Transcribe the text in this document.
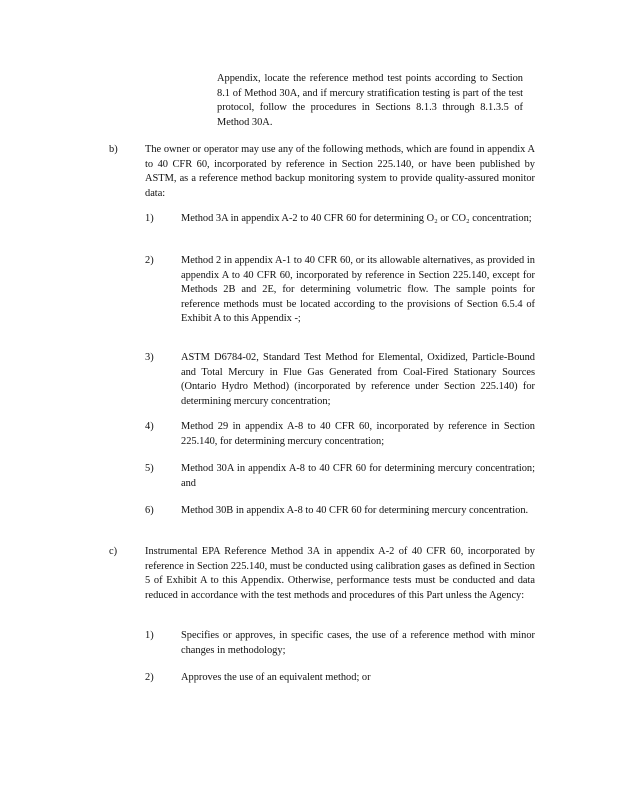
Appendix, locate the reference method test points according to Section 8.1 of Method 30A, and if mercury stratification testing is part of the test protocol, follow the procedures in Sections 8.1.3 through 8.1.3.5 of Method 30A.

b)	The owner or operator may use any of the following methods, which are found in appendix A to 40 CFR 60, incorporated by reference in Section 225.140, or have been published by ASTM, as a reference method backup monitoring system to provide quality-assured monitor data:

1)	Method 3A in appendix A-2 to 40 CFR 60 for determining O₂ or CO₂ concentration;

2)	Method 2 in appendix A-1 to 40 CFR 60, or its allowable alternatives, as provided in appendix A to 40 CFR 60, incorporated by reference in Section 225.140, except for Methods 2B and 2E, for determining volumetric flow. The sample points for reference methods must be located according to the provisions of Section 6.5.4 of Exhibit A to this Appendix -;

3)	ASTM D6784-02, Standard Test Method for Elemental, Oxidized, Particle-Bound and Total Mercury in Flue Gas Generated from Coal-Fired Stationary Sources (Ontario Hydro Method) (incorporated by reference under Section 225.140) for determining mercury concentration;

4)	Method 29 in appendix A-8 to 40 CFR 60, incorporated by reference in Section 225.140, for determining mercury concentration;

5)	Method 30A in appendix A-8 to 40 CFR 60 for determining mercury concentration; and

6)	Method 30B in appendix A-8 to 40 CFR 60 for determining mercury concentration.

c)	Instrumental EPA Reference Method 3A in appendix A-2 of 40 CFR 60, incorporated by reference in Section 225.140, must be conducted using calibration gases as defined in Section 5 of Exhibit A to this Appendix. Otherwise, performance tests must be conducted and data reduced in accordance with the test methods and procedures of this Part unless the Agency:

1)	Specifies or approves, in specific cases, the use of a reference method with minor changes in methodology;

2)	Approves the use of an equivalent method; or
